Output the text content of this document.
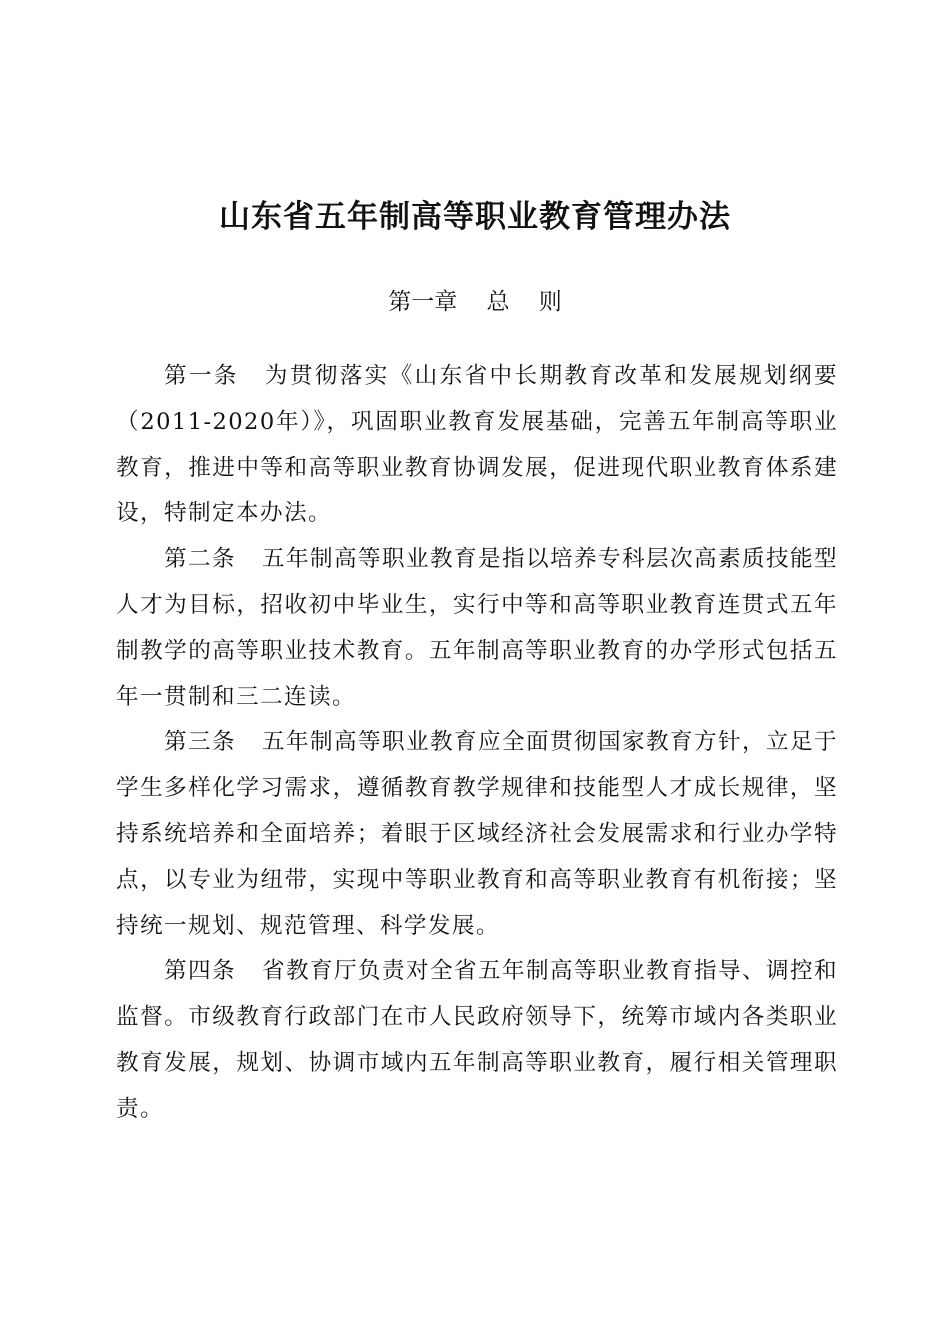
山东省五年制高等职业教育管理办法
第一章    总    则

第一条 为贯彻落实《山东省中长期教育改革和发展规划纲要（2011-2020年）》，巩固职业教育发展基础，完善五年制高等职业教育，推进中等和高等职业教育协调发展，促进现代职业教育体系建设，特制定本办法。

第二条 五年制高等职业教育是指以培养专科层次高素质技能型人才为目标，招收初中毕业生，实行中等和高等职业教育连贯式五年制教学的高等职业技术教育。五年制高等职业教育的办学形式包括五年一贯制和三二连读。

第三条 五年制高等职业教育应全面贯彻国家教育方针，立足于学生多样化学习需求，遵循教育教学规律和技能型人才成长规律，坚持系统培养和全面培养；着眼于区域经济社会发展需求和行业办学特点，以专业为纽带，实现中等职业教育和高等职业教育有机衔接；坚持统一规划、规范管理、科学发展。

第四条 省教育厅负责对全省五年制高等职业教育指导、调控和监督。市级教育行政部门在市人民政府领导下，统筹市域内各类职业教育发展，规划、协调市域内五年制高等职业教育，履行相关管理职责。
